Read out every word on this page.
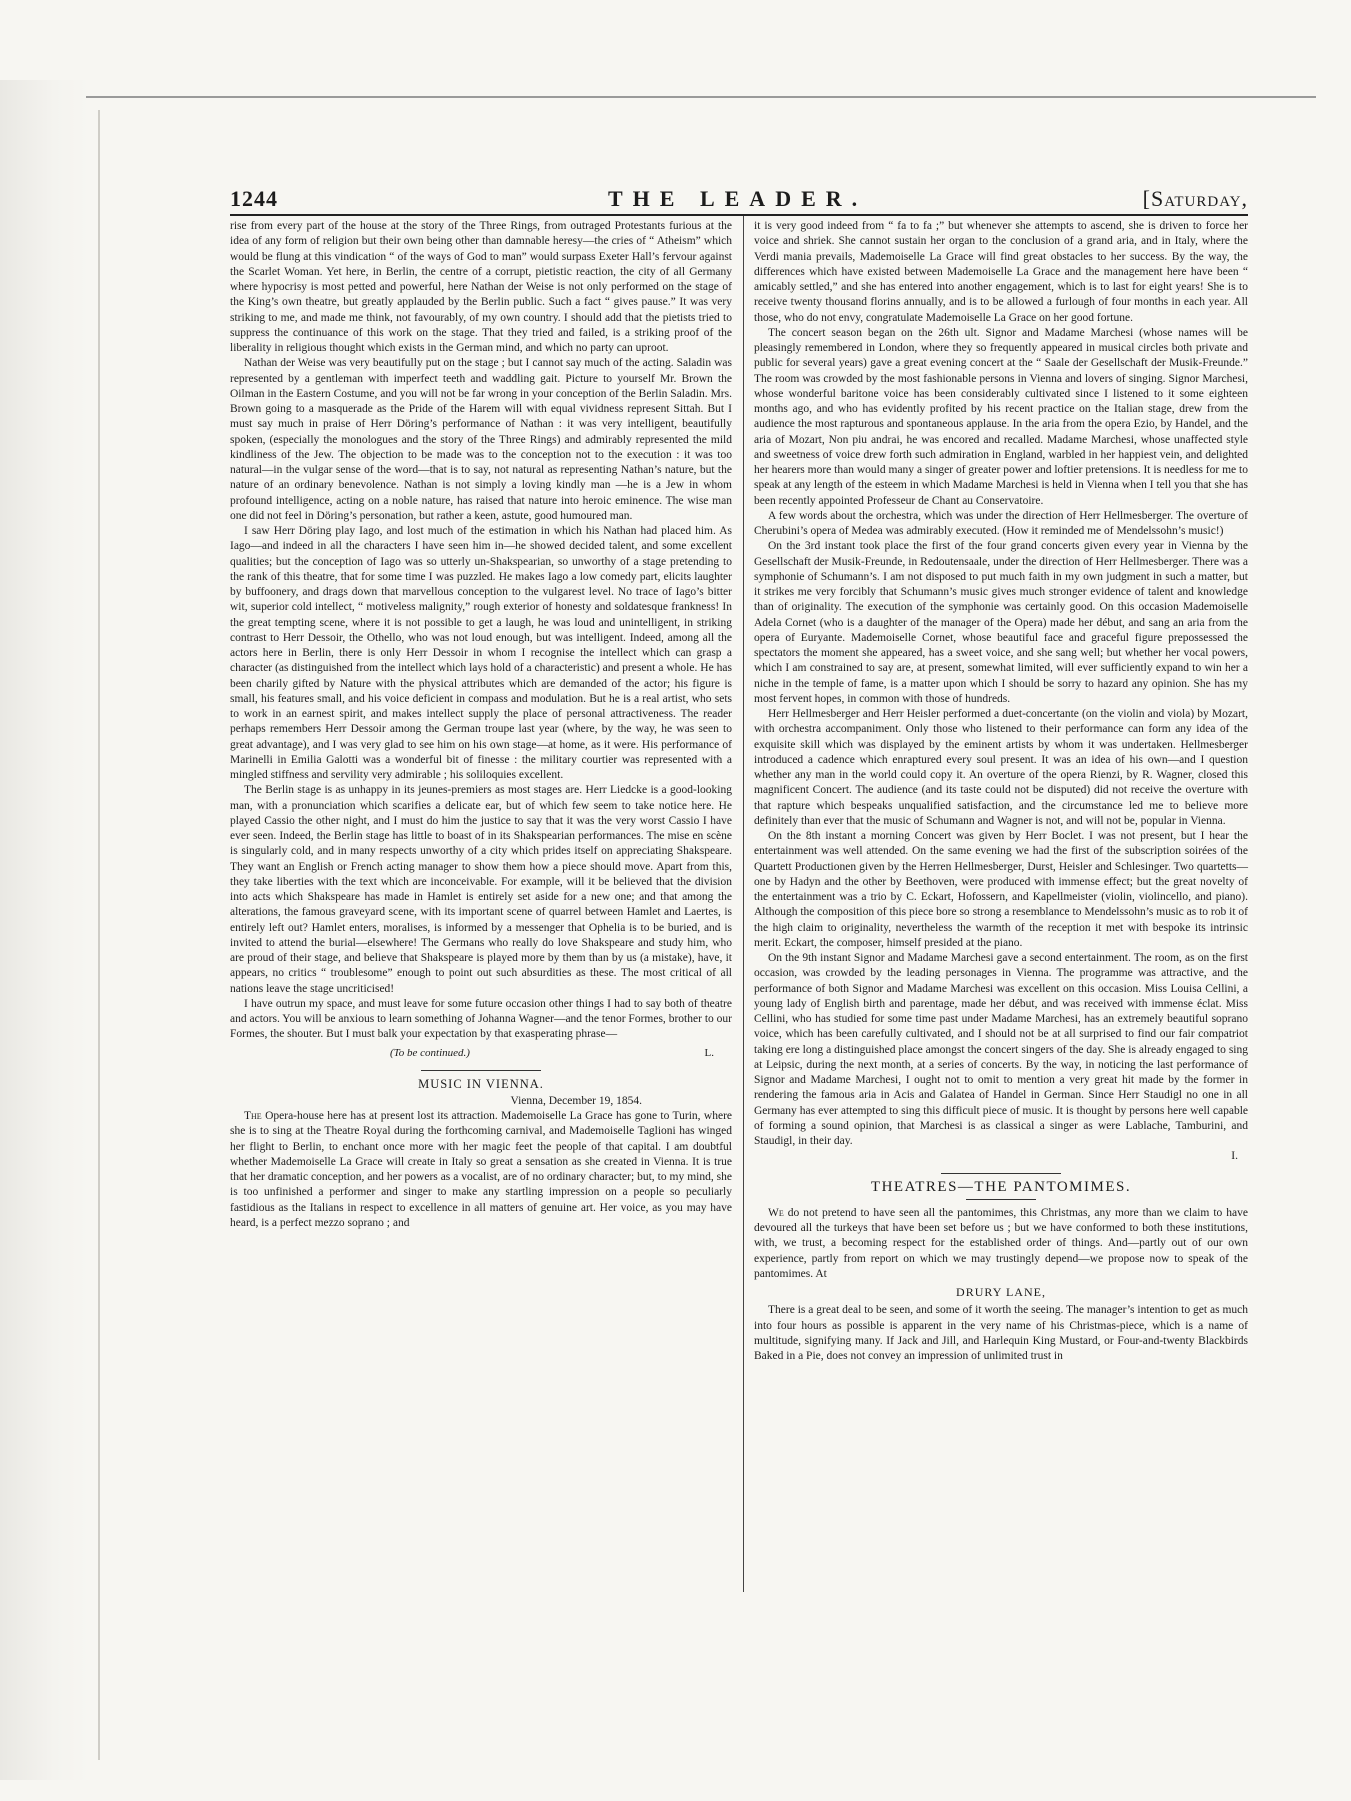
1244	THE LEADER.	[Saturday,

rise from every part of the house at the story of the Three Rings, from outraged Protestants furious at the idea of any form of religion but their own being other than damnable heresy—the cries of “ Atheism” which would be flung at this vindication “ of the ways of God to man” would surpass Exeter Hall’s fervour against the Scarlet Woman. Yet here, in Berlin, the centre of a corrupt, pietistic reaction, the city of all Germany where hypocrisy is most petted and powerful, here Nathan der Weise is not only performed on the stage of the King’s own theatre, but greatly applauded by the Berlin public. Such a fact “ gives pause.” It was very striking to me, and made me think, not favourably, of my own country. I should add that the pietists tried to suppress the continuance of this work on the stage. That they tried and failed, is a striking proof of the liberality in religious thought which exists in the German mind, and which no party can uproot.

Nathan der Weise was very beautifully put on the stage ; but I cannot say much of the acting. Saladin was represented by a gentleman with imperfect teeth and waddling gait. Picture to yourself Mr. Brown the Oilman in the Eastern Costume, and you will not be far wrong in your conception of the Berlin Saladin. Mrs. Brown going to a masquerade as the Pride of the Harem will with equal vividness represent Sittah. But I must say much in praise of Herr Döring’s performance of Nathan : it was very intelligent, beautifully spoken, (especially the monologues and the story of the Three Rings) and admirably represented the mild kindliness of the Jew. The objection to be made was to the conception not to the execution : it was too natural—in the vulgar sense of the word—that is to say, not natural as representing Nathan’s nature, but the nature of an ordinary benevolence. Nathan is not simply a loving kindly man —he is a Jew in whom profound intelligence, acting on a noble nature, has raised that nature into heroic eminence. The wise man one did not feel in Döring’s personation, but rather a keen, astute, good humoured man.

I saw Herr Döring play Iago, and lost much of the estimation in which his Nathan had placed him. As Iago—and indeed in all the characters I have seen him in—he showed decided talent, and some excellent qualities; but the conception of Iago was so utterly un-Shakspearian, so unworthy of a stage pretending to the rank of this theatre, that for some time I was puzzled. He makes Iago a low comedy part, elicits laughter by buffoonery, and drags down that marvellous conception to the vulgarest level. No trace of Iago’s bitter wit, superior cold intellect, “ motiveless malignity,” rough exterior of honesty and soldatesque frankness! In the great tempting scene, where it is not possible to get a laugh, he was loud and unintelligent, in striking contrast to Herr Dessoir, the Othello, who was not loud enough, but was intelligent. Indeed, among all the actors here in Berlin, there is only Herr Dessoir in whom I recognise the intellect which can grasp a character (as distinguished from the intellect which lays hold of a characteristic) and present a whole. He has been charily gifted by Nature with the physical attributes which are demanded of the actor; his figure is small, his features small, and his voice deficient in compass and modulation. But he is a real artist, who sets to work in an earnest spirit, and makes intellect supply the place of personal attractiveness. The reader perhaps remembers Herr Dessoir among the German troupe last year (where, by the way, he was seen to great advantage), and I was very glad to see him on his own stage—at home, as it were. His performance of Marinelli in Emilia Galotti was a wonderful bit of finesse : the military courtier was represented with a mingled stiffness and servility very admirable ; his soliloquies excellent.

The Berlin stage is as unhappy in its jeunes-premiers as most stages are. Herr Liedcke is a good-looking man, with a pronunciation which scarifies a delicate ear, but of which few seem to take notice here. He played Cassio the other night, and I must do him the justice to say that it was the very worst Cassio I have ever seen. Indeed, the Berlin stage has little to boast of in its Shakspearian performances. The mise en scène is singularly cold, and in many respects unworthy of a city which prides itself on appreciating Shakspeare. They want an English or French acting manager to show them how a piece should move. Apart from this, they take liberties with the text which are inconceivable. For example, will it be believed that the division into acts which Shakspeare has made in Hamlet is entirely set aside for a new one; and that among the alterations, the famous graveyard scene, with its important scene of quarrel between Hamlet and Laertes, is entirely left out? Hamlet enters, moralises, is informed by a messenger that Ophelia is to be buried, and is invited to attend the burial—elsewhere! The Germans who really do love Shakspeare and study him, who are proud of their stage, and believe that Shakspeare is played more by them than by us (a mistake), have, it appears, no critics “ troublesome” enough to point out such absurdities as these. The most critical of all nations leave the stage uncriticised!

I have outrun my space, and must leave for some future occasion other things I had to say both of theatre and actors. You will be anxious to learn something of Johanna Wagner—and the tenor Formes, brother to our Formes, the shouter. But I must balk your expectation by that exasperating phrase—

(To be continued.)	L.
MUSIC IN VIENNA.
Vienna, December 19, 1854.

The Opera-house here has at present lost its attraction. Mademoiselle La Grace has gone to Turin, where she is to sing at the Theatre Royal during the forthcoming carnival, and Mademoiselle Taglioni has winged her flight to Berlin, to enchant once more with her magic feet the people of that capital. I am doubtful whether Mademoiselle La Grace will create in Italy so great a sensation as she created in Vienna. It is true that her dramatic conception, and her powers as a vocalist, are of no ordinary character; but, to my mind, she is too unfinished a performer and singer to make any startling impression on a people so peculiarly fastidious as the Italians in respect to excellence in all matters of genuine art. Her voice, as you may have heard, is a perfect mezzo soprano ; and

it is very good indeed from “ fa to fa ;” but whenever she attempts to ascend, she is driven to force her voice and shriek. She cannot sustain her organ to the conclusion of a grand aria, and in Italy, where the Verdi mania prevails, Mademoiselle La Grace will find great obstacles to her success. By the way, the differences which have existed between Mademoiselle La Grace and the management here have been “ amicably settled,” and she has entered into another engagement, which is to last for eight years! She is to receive twenty thousand florins annually, and is to be allowed a furlough of four months in each year. All those, who do not envy, congratulate Mademoiselle La Grace on her good fortune.

The concert season began on the 26th ult. Signor and Madame Marchesi (whose names will be pleasingly remembered in London, where they so frequently appeared in musical circles both private and public for several years) gave a great evening concert at the “ Saale der Gesellschaft der Musik-Freunde.” The room was crowded by the most fashionable persons in Vienna and lovers of singing. Signor Marchesi, whose wonderful baritone voice has been considerably cultivated since I listened to it some eighteen months ago, and who has evidently profited by his recent practice on the Italian stage, drew from the audience the most rapturous and spontaneous applause. In the aria from the opera Ezio, by Handel, and the aria of Mozart, Non piu andrai, he was encored and recalled. Madame Marchesi, whose unaffected style and sweetness of voice drew forth such admiration in England, warbled in her happiest vein, and delighted her hearers more than would many a singer of greater power and loftier pretensions. It is needless for me to speak at any length of the esteem in which Madame Marchesi is held in Vienna when I tell you that she has been recently appointed Professeur de Chant au Conservatoire.

A few words about the orchestra, which was under the direction of Herr Hellmesberger. The overture of Cherubini’s opera of Medea was admirably executed. (How it reminded me of Mendelssohn’s music!)

On the 3rd instant took place the first of the four grand concerts given every year in Vienna by the Gesellschaft der Musik-Freunde, in Redoutensaale, under the direction of Herr Hellmesberger. There was a symphonie of Schumann’s. I am not disposed to put much faith in my own judgment in such a matter, but it strikes me very forcibly that Schumann’s music gives much stronger evidence of talent and knowledge than of originality. The execution of the symphonie was certainly good. On this occasion Mademoiselle Adela Cornet (who is a daughter of the manager of the Opera) made her début, and sang an aria from the opera of Euryante. Mademoiselle Cornet, whose beautiful face and graceful figure prepossessed the spectators the moment she appeared, has a sweet voice, and she sang well; but whether her vocal powers, which I am constrained to say are, at present, somewhat limited, will ever sufficiently expand to win her a niche in the temple of fame, is a matter upon which I should be sorry to hazard any opinion. She has my most fervent hopes, in common with those of hundreds.

Herr Hellmesberger and Herr Heisler performed a duet-concertante (on the violin and viola) by Mozart, with orchestra accompaniment. Only those who listened to their performance can form any idea of the exquisite skill which was displayed by the eminent artists by whom it was undertaken. Hellmesberger introduced a cadence which enraptured every soul present. It was an idea of his own—and I question whether any man in the world could copy it. An overture of the opera Rienzi, by R. Wagner, closed this magnificent Concert. The audience (and its taste could not be disputed) did not receive the overture with that rapture which bespeaks unqualified satisfaction, and the circumstance led me to believe more definitely than ever that the music of Schumann and Wagner is not, and will not be, popular in Vienna.

On the 8th instant a morning Concert was given by Herr Boclet. I was not present, but I hear the entertainment was well attended. On the same evening we had the first of the subscription soirées of the Quartett Productionen given by the Herren Hellmesberger, Durst, Heisler and Schlesinger. Two quartetts—one by Hadyn and the other by Beethoven, were produced with immense effect; but the great novelty of the entertainment was a trio by C. Eckart, Hofossern, and Kapellmeister (violin, violincello, and piano). Although the composition of this piece bore so strong a resemblance to Mendelssohn’s music as to rob it of the high claim to originality, nevertheless the warmth of the reception it met with bespoke its intrinsic merit. Eckart, the composer, himself presided at the piano.

On the 9th instant Signor and Madame Marchesi gave a second entertainment. The room, as on the first occasion, was crowded by the leading personages in Vienna. The programme was attractive, and the performance of both Signor and Madame Marchesi was excellent on this occasion. Miss Louisa Cellini, a young lady of English birth and parentage, made her début, and was received with immense éclat. Miss Cellini, who has studied for some time past under Madame Marchesi, has an extremely beautiful soprano voice, which has been carefully cultivated, and I should not be at all surprised to find our fair compatriot taking ere long a distinguished place amongst the concert singers of the day. She is already engaged to sing at Leipsic, during the next month, at a series of concerts. By the way, in noticing the last performance of Signor and Madame Marchesi, I ought not to omit to mention a very great hit made by the former in rendering the famous aria in Acis and Galatea of Handel in German. Since Herr Staudigl no one in all Germany has ever attempted to sing this difficult piece of music. It is thought by persons here well capable of forming a sound opinion, that Marchesi is as classical a singer as were Lablache, Tamburini, and Staudigl, in their day.

I.
THEATRES—THE PANTOMIMES.

We do not pretend to have seen all the pantomimes, this Christmas, any more than we claim to have devoured all the turkeys that have been set before us ; but we have conformed to both these institutions, with, we trust, a becoming respect for the established order of things. And—partly out of our own experience, partly from report on which we may trustingly depend—we propose now to speak of the pantomimes. At

DRURY LANE,

There is a great deal to be seen, and some of it worth the seeing. The manager’s intention to get as much into four hours as possible is apparent in the very name of his Christmas-piece, which is a name of multitude, signifying many. If Jack and Jill, and Harlequin King Mustard, or Four-and-twenty Blackbirds Baked in a Pie, does not convey an impression of unlimited trust in
